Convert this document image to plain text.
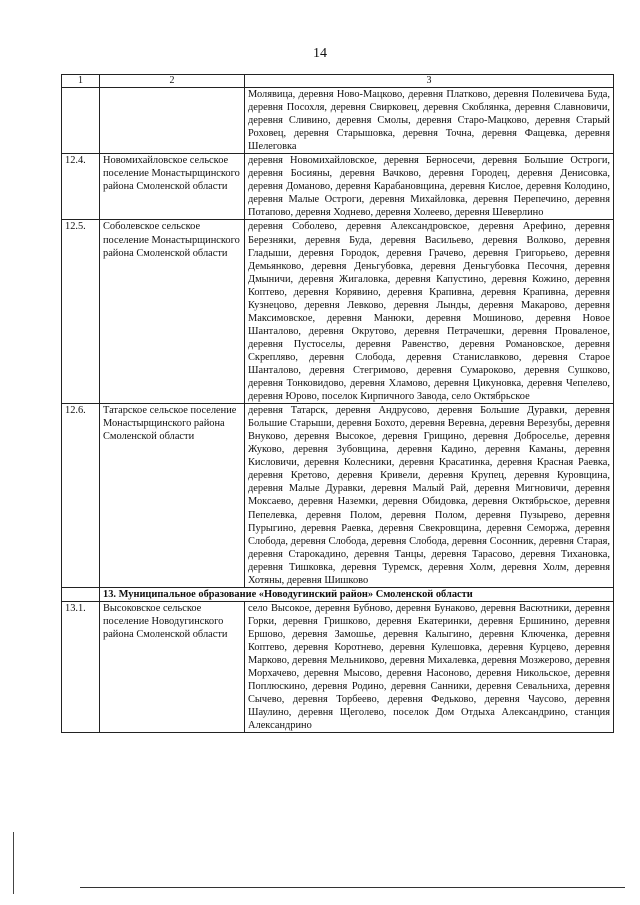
14
1	2	3
		Молявица, деревня Ново-Мацково, деревня Платково, деревня Полевичева Буда, деревня Посохля, деревня Свирковец, деревня Скоблянка, деревня Славновичи, деревня Сливино, деревня Смолы, деревня Старо-Мацково, деревня Старый Роховец, деревня Старышовка, деревня Точна, деревня Фащевка, деревня Шелеговка
12.4.	Новомихайловское сельское поселение Монастырщинского района Смоленской области	деревня Новомихайловское, деревня Берносечи, деревня Большие Остроги, деревня Босияны, деревня Вачково, деревня Городец, деревня Денисовка, деревня Доманово, деревня Карабановщина, деревня Кислое, деревня Колодино, деревня Малые Остроги, деревня Михайловка, деревня Перепечино, деревня Потапово, деревня Ходнево, деревня Холеево, деревня Шеверлино
12.5.	Соболевское сельское поселение Монастырщинского района Смоленской области	деревня Соболево, деревня Александровское, деревня Арефино, деревня Березняки, деревня Буда, деревня Васильево, деревня Волково, деревня Гладыши, деревня Городок, деревня Грачево, деревня Григорьево, деревня Демьянково, деревня Деньгубовка, деревня Деньгубовка Песочня, деревня Дмыничи, деревня Жигаловка, деревня Капустино, деревня Кожино, деревня Коптево, деревня Корявино, деревня Крапивна, деревня Крапивна, деревня Кузнецово, деревня Левково, деревня Лынды, деревня Макарово, деревня Максимовское, деревня Манюки, деревня Мошиново, деревня Новое Шанталово, деревня Окрутово, деревня Петрачешки, деревня Проваленое, деревня Пустоселы, деревня Равенство, деревня Романовское, деревня Скрепляво, деревня Слобода, деревня Станиславково, деревня Старое Шанталово, деревня Стегримово, деревня Сумароково, деревня Сушково, деревня Тонковидово, деревня Хламово, деревня Цикуновка, деревня Чепелево, деревня Юрово, поселок Кирпичного Завода, село Октябрьское
12.6.	Татарское сельское поселение Монастырщинского района Смоленской области	деревня Татарск, деревня Андрусово, деревня Большие Дуравки, деревня Большие Старыши, деревня Бохото, деревня Веревна, деревня Верезубы, деревня Внуково, деревня Высокое, деревня Грищино, деревня Доброселье, деревня Жуково, деревня Зубовщина, деревня Кадино, деревня Каманы, деревня Кисловичи, деревня Колесники, деревня Красатинка, деревня Красная Раевка, деревня Кретово, деревня Кривели, деревня Крупец, деревня Куровщина, деревня Малые Дуравки, деревня Малый Рай, деревня Мигновичи, деревня Моксаево, деревня Наземки, деревня Обидовка, деревня Октябрьское, деревня Пепелевка, деревня Полом, деревня Полом, деревня Пузырево, деревня Пурыгино, деревня Раевка, деревня Свекровщина, деревня Семоржа, деревня Слобода, деревня Слобода, деревня Слобода, деревня Сосонник, деревня Старая, деревня Старокадино, деревня Танцы, деревня Тарасово, деревня Тихановка, деревня Тишковка, деревня Туремск, деревня Холм, деревня Холм, деревня Хотяны, деревня Шишково
	13. Муниципальное образование «Новодугинский район» Смоленской области	
13.1.	Высоковское сельское поселение Новодугинского района Смоленской области	село Высокое, деревня Бубново, деревня Бунаково, деревня Васютники, деревня Горки, деревня Гришково, деревня Екатеринки, деревня Ершинино, деревня Ершово, деревня Замошье, деревня Калыгино, деревня Ключенка, деревня Коптево, деревня Коротнево, деревня Кулешовка, деревня Курцево, деревня Марково, деревня Мельниково, деревня Михалевка, деревня Мозжерово, деревня Морхачево, деревня Мысово, деревня Насоново, деревня Никольское, деревня Поплюскино, деревня Родино, деревня Санники, деревня Севальниха, деревня Сычево, деревня Торбеево, деревня Федьково, деревня Чаусово, деревня Шаулино, деревня Щеголево, поселок Дом Отдыха Александрино, станция Александрино
